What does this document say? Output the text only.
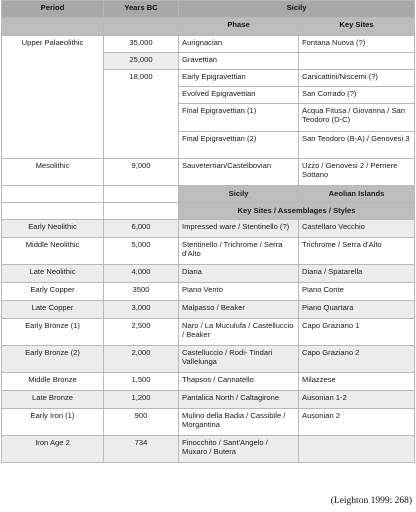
Period	Years BC	Sicily	
		Phase	Key Sites
Upper Palaeolithic	35,000	Aurignacian	Fontana Nuova (?)
	25,000	Gravettian	
	18,000	Early Epigravettian	Canicattini/Niscemi (?)
		Evolved Epigravettian	San Corrado (?)
		Final Epigravettian (1)	Acqua Fitusa / Giovanna / San Teodoro (D-C)
		Final Epigravettian (2)	San Teodoro (B-A) / Genovesi 3
Mesolithic	9,000	Sauveterrian/Castelbovian	Uzzo / Genovesi 2 / Perriere Sottano
		Sicily	Aeolian Islands
		Key Sites / Assemblages / Styles	
Early Neolithic	6,000	Impressed ware / Stentinello (?)	Castellaro Vecchio
Middle Neolithic	5,000	Stentinello / Trichrome / Serra d'Alto	Trichrome / Serra d'Alto
Late Neolithic	4,000	Diana	Diana / Spatarella
Early Copper	3500	Piano Vento	Piano Conte
Late Copper	3,000	Malpasso / Beaker	Piano Quartara
Early Bronze (1)	2,500	Naro / La Muculufa / Castelluccio / Beaker	Capo Graziano 1
Early Bronze (2)	2,000	Castelluccio / Rodi- Tindari Vallelunga	Capo Graziano 2
Middle Bronze	1,500	Thapsos / Cannatello	Milazzese
Late Bronze	1,200	Pantalica North / Caltagirone	Ausonian 1-2
Early Iron (1)	900	Mulino della Badia / Cassibile / Morgantina	Ausonian 2
Iron Age 2	734	Finocchito / Sant'Angelo / Muxaro / Butera	
(Leighton 1999: 268)
